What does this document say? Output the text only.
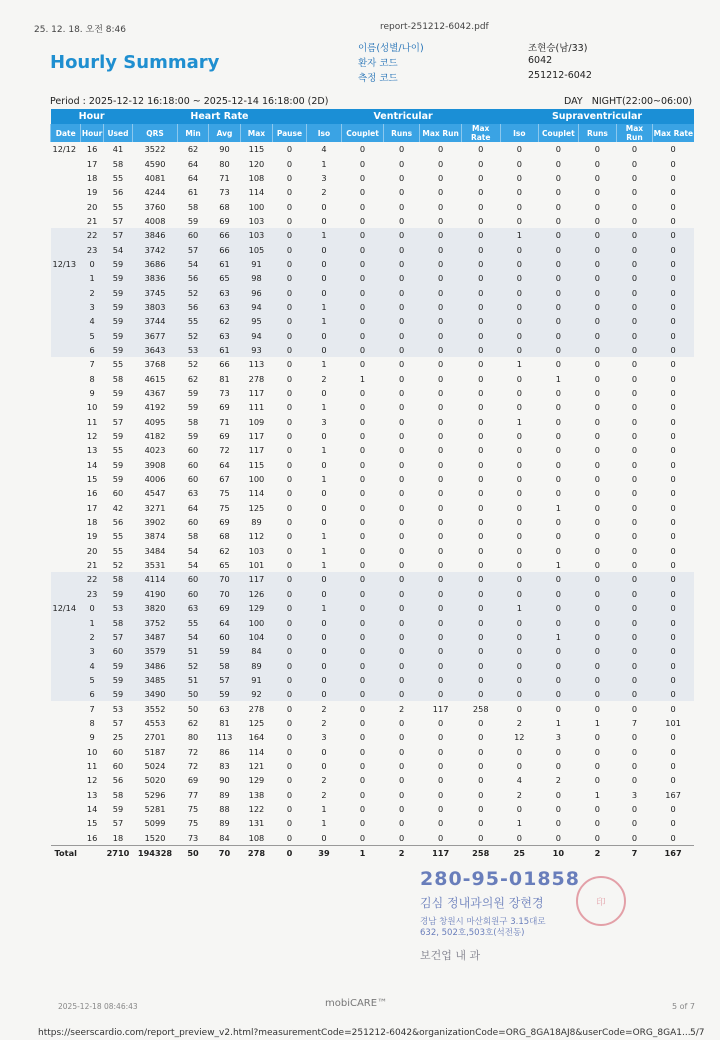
25. 12. 18. 오전 8:46	report-251212-6042.pdf
Hourly Summary
이름(성별/나이)	조현승(남/33)
환자 코드	6042
측정 코드	251212-6042
Period : 2025-12-12 16:18:00 ~ 2025-12-14 16:18:00 (2D)	DAY NIGHT(22:00~06:00)
Hour			Heart Rate					Ventricular					Supraventricular				
Date	Hour	Used	QRS	Min	Avg	Max	Pause	Iso	Couplet	Runs	Max Run	Max Rate	Iso	Couplet	Runs	Max Run	Max Rate
12/12	16	41	3522	62	90	115	0	4	0	0	0	0	0	0	0	0	0
	17	58	4590	64	80	120	0	1	0	0	0	0	0	0	0	0	0
	18	55	4081	64	71	108	0	3	0	0	0	0	0	0	0	0	0
	19	56	4244	61	73	114	0	2	0	0	0	0	0	0	0	0	0
	20	55	3760	58	68	100	0	0	0	0	0	0	0	0	0	0	0
	21	57	4008	59	69	103	0	0	0	0	0	0	0	0	0	0	0
	22	57	3846	60	66	103	0	1	0	0	0	0	1	0	0	0	0
	23	54	3742	57	66	105	0	0	0	0	0	0	0	0	0	0	0
12/13	0	59	3686	54	61	91	0	0	0	0	0	0	0	0	0	0	0
	1	59	3836	56	65	98	0	0	0	0	0	0	0	0	0	0	0
	2	59	3745	52	63	96	0	0	0	0	0	0	0	0	0	0	0
	3	59	3803	56	63	94	0	1	0	0	0	0	0	0	0	0	0
	4	59	3744	55	62	95	0	1	0	0	0	0	0	0	0	0	0
	5	59	3677	52	63	94	0	0	0	0	0	0	0	0	0	0	0
	6	59	3643	53	61	93	0	0	0	0	0	0	0	0	0	0	0
	7	55	3768	52	66	113	0	1	0	0	0	0	1	0	0	0	0
	8	58	4615	62	81	278	0	2	1	0	0	0	0	1	0	0	0
	9	59	4367	59	73	117	0	0	0	0	0	0	0	0	0	0	0
	10	59	4192	59	69	111	0	1	0	0	0	0	0	0	0	0	0
	11	57	4095	58	71	109	0	3	0	0	0	0	1	0	0	0	0
	12	59	4182	59	69	117	0	0	0	0	0	0	0	0	0	0	0
	13	55	4023	60	72	117	0	1	0	0	0	0	0	0	0	0	0
	14	59	3908	60	64	115	0	0	0	0	0	0	0	0	0	0	0
	15	59	4006	60	67	100	0	1	0	0	0	0	0	0	0	0	0
	16	60	4547	63	75	114	0	0	0	0	0	0	0	0	0	0	0
	17	42	3271	64	75	125	0	0	0	0	0	0	0	1	0	0	0
	18	56	3902	60	69	89	0	0	0	0	0	0	0	0	0	0	0
	19	55	3874	58	68	112	0	1	0	0	0	0	0	0	0	0	0
	20	55	3484	54	62	103	0	1	0	0	0	0	0	0	0	0	0
	21	52	3531	54	65	101	0	1	0	0	0	0	0	1	0	0	0
	22	58	4114	60	70	117	0	0	0	0	0	0	0	0	0	0	0
	23	59	4190	60	70	126	0	0	0	0	0	0	0	0	0	0	0
12/14	0	53	3820	63	69	129	0	1	0	0	0	0	1	0	0	0	0
	1	58	3752	55	64	100	0	0	0	0	0	0	0	0	0	0	0
	2	57	3487	54	60	104	0	0	0	0	0	0	0	1	0	0	0
	3	60	3579	51	59	84	0	0	0	0	0	0	0	0	0	0	0
	4	59	3486	52	58	89	0	0	0	0	0	0	0	0	0	0	0
	5	59	3485	51	57	91	0	0	0	0	0	0	0	0	0	0	0
	6	59	3490	50	59	92	0	0	0	0	0	0	0	0	0	0	0
	7	53	3552	50	63	278	0	2	0	2	117	258	0	0	0	0	0
	8	57	4553	62	81	125	0	2	0	0	0	0	2	1	1	7	101
	9	25	2701	80	113	164	0	3	0	0	0	0	12	3	0	0	0
	10	60	5187	72	86	114	0	0	0	0	0	0	0	0	0	0	0
	11	60	5024	72	83	121	0	0	0	0	0	0	0	0	0	0	0
	12	56	5020	69	90	129	0	2	0	0	0	0	4	2	0	0	0
	13	58	5296	77	89	138	0	2	0	0	0	0	2	0	1	3	167
	14	59	5281	75	88	122	0	1	0	0	0	0	0	0	0	0	0
	15	57	5099	75	89	131	0	1	0	0	0	0	1	0	0	0	0
	16	18	1520	73	84	108	0	0	0	0	0	0	0	0	0	0	0
Total		2710	194328	50	70	278	0	39	1	2	117	258	25	10	2	7	167
280-95-01858
김심 정내과의원 장현경
경남 창원시 마산회원구 3.15대로
632, 502호,503호(석전동)
보건업 내 과
印
2025-12-18 08:46:43	mobiCARE™	5 of 7
https://seerscardio.com/report_preview_v2.html?measurementCode=251212-6042&organizationCode=ORG_8GA18AJ8&userCode=ORG_8GA1... 5/7
